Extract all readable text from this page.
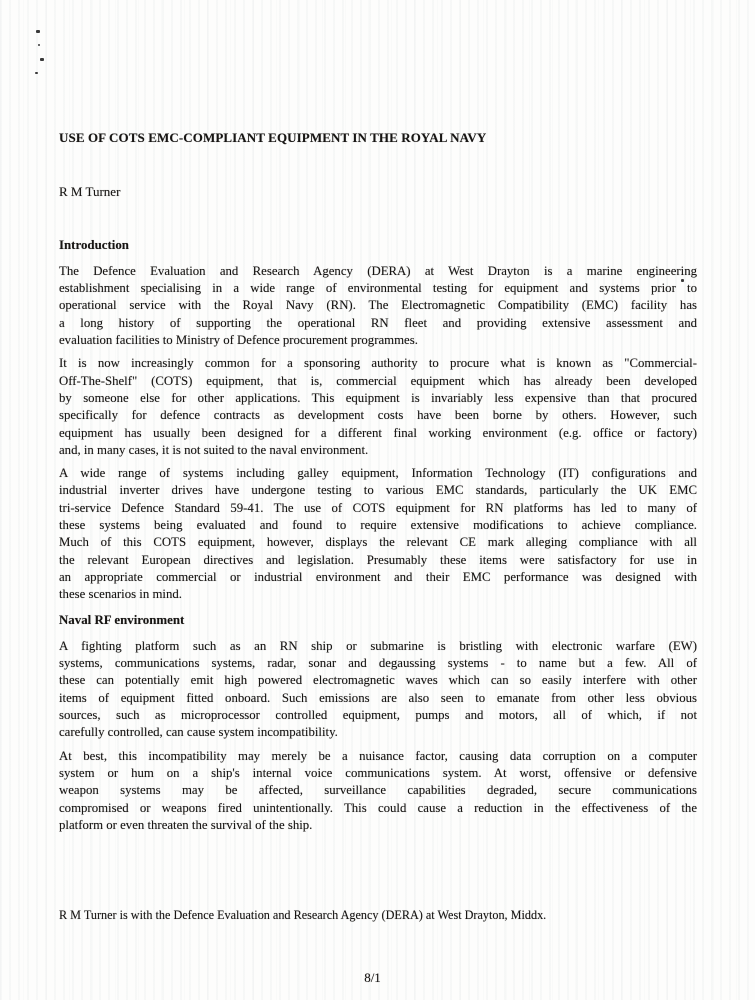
USE OF COTS EMC-COMPLIANT EQUIPMENT IN THE ROYAL NAVY
R M Turner
Introduction
The Defence Evaluation and Research Agency (DERA) at West Drayton is a marine engineering
establishment specialising in a wide range of environmental testing for equipment and systems prior to
operational service with the Royal Navy (RN). The Electromagnetic Compatibility (EMC) facility has
a long history of supporting the operational RN fleet and providing extensive assessment and
evaluation facilities to Ministry of Defence procurement programmes.
It is now increasingly common for a sponsoring authority to procure what is known as "Commercial-
Off-The-Shelf" (COTS) equipment, that is, commercial equipment which has already been developed
by someone else for other applications. This equipment is invariably less expensive than that procured
specifically for defence contracts as development costs have been borne by others. However, such
equipment has usually been designed for a different final working environment (e.g. office or factory)
and, in many cases, it is not suited to the naval environment.
A wide range of systems including galley equipment, Information Technology (IT) configurations and
industrial inverter drives have undergone testing to various EMC standards, particularly the UK EMC
tri-service Defence Standard 59-41. The use of COTS equipment for RN platforms has led to many of
these systems being evaluated and found to require extensive modifications to achieve compliance.
Much of this COTS equipment, however, displays the relevant CE mark alleging compliance with all
the relevant European directives and legislation. Presumably these items were satisfactory for use in
an appropriate commercial or industrial environment and their EMC performance was designed with
these scenarios in mind.
Naval RF environment
A fighting platform such as an RN ship or submarine is bristling with electronic warfare (EW)
systems, communications systems, radar, sonar and degaussing systems - to name but a few. All of
these can potentially emit high powered electromagnetic waves which can so easily interfere with other
items of equipment fitted onboard. Such emissions are also seen to emanate from other less obvious
sources, such as microprocessor controlled equipment, pumps and motors, all of which, if not
carefully controlled, can cause system incompatibility.
At best, this incompatibility may merely be a nuisance factor, causing data corruption on a computer
system or hum on a ship's internal voice communications system. At worst, offensive or defensive
weapon systems may be affected, surveillance capabilities degraded, secure communications
compromised or weapons fired unintentionally. This could cause a reduction in the effectiveness of the
platform or even threaten the survival of the ship.
R M Turner is with the Defence Evaluation and Research Agency (DERA) at West Drayton, Middx.
8/1
